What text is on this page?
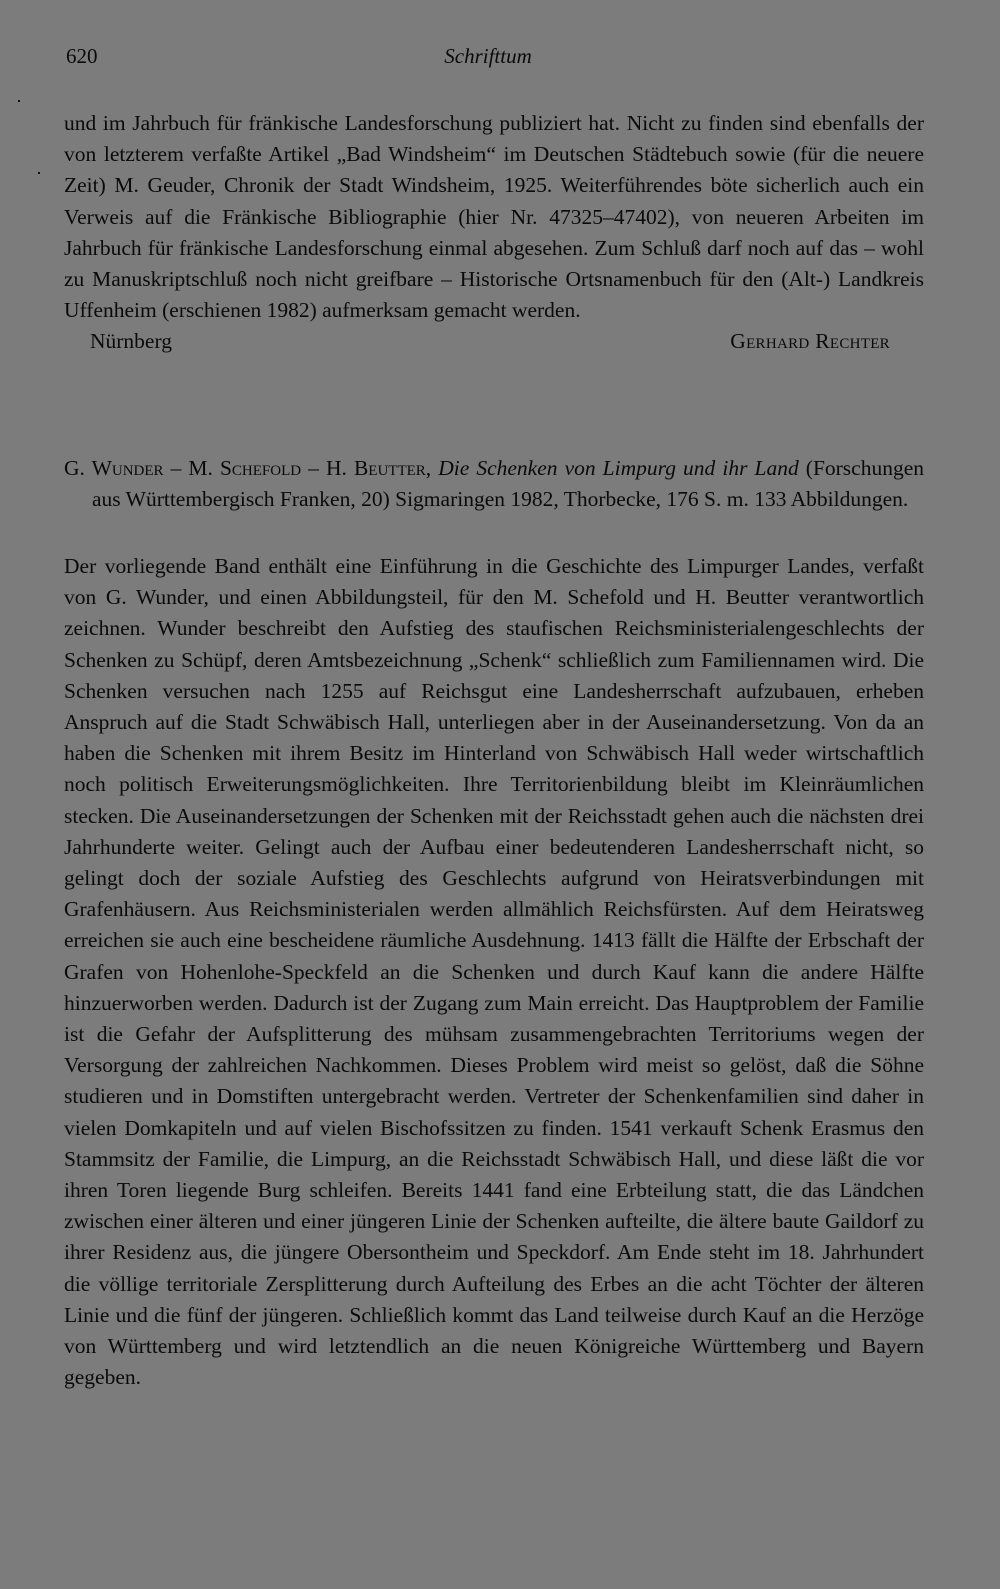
620	Schrifttum
und im Jahrbuch für fränkische Landesforschung publiziert hat. Nicht zu finden sind ebenfalls der von letzterem verfaßte Artikel „Bad Windsheim“ im Deutschen Städtebuch sowie (für die neuere Zeit) M. Geuder, Chronik der Stadt Windsheim, 1925. Weiterführendes böte sicherlich auch ein Verweis auf die Fränkische Bibliographie (hier Nr. 47325–47402), von neueren Arbeiten im Jahrbuch für fränkische Landesforschung einmal abgesehen. Zum Schluß darf noch auf das – wohl zu Manuskriptschluß noch nicht greifbare – Historische Ortsnamenbuch für den (Alt-) Landkreis Uffenheim (erschienen 1982) aufmerksam gemacht werden.
Nürnberg	Gerhard Rechter
G. Wunder – M. Schefold – H. Beutter, Die Schenken von Limpurg und ihr Land (Forschungen aus Württembergisch Franken, 20) Sigmaringen 1982, Thorbecke, 176 S. m. 133 Abbildungen.
Der vorliegende Band enthält eine Einführung in die Geschichte des Limpurger Landes, verfaßt von G. Wunder, und einen Abbildungsteil, für den M. Schefold und H. Beutter verantwortlich zeichnen. Wunder beschreibt den Aufstieg des staufischen Reichsministerialengeschlechts der Schenken zu Schüpf, deren Amtsbezeichnung „Schenk“ schließlich zum Familiennamen wird. Die Schenken versuchen nach 1255 auf Reichsgut eine Landesherrschaft aufzubauen, erheben Anspruch auf die Stadt Schwäbisch Hall, unterliegen aber in der Auseinandersetzung. Von da an haben die Schenken mit ihrem Besitz im Hinterland von Schwäbisch Hall weder wirtschaftlich noch politisch Erweiterungsmöglichkeiten. Ihre Territorienbildung bleibt im Kleinräumlichen stecken. Die Auseinandersetzungen der Schenken mit der Reichsstadt gehen auch die nächsten drei Jahrhunderte weiter. Gelingt auch der Aufbau einer bedeutenderen Landesherrschaft nicht, so gelingt doch der soziale Aufstieg des Geschlechts aufgrund von Heiratsverbindungen mit Grafenhäusern. Aus Reichsministerialen werden allmählich Reichsfürsten. Auf dem Heiratsweg erreichen sie auch eine bescheidene räumliche Ausdehnung. 1413 fällt die Hälfte der Erbschaft der Grafen von Hohenlohe-Speckfeld an die Schenken und durch Kauf kann die andere Hälfte hinzuerworben werden. Dadurch ist der Zugang zum Main erreicht. Das Hauptproblem der Familie ist die Gefahr der Aufsplitterung des mühsam zusammengebrachten Territoriums wegen der Versorgung der zahlreichen Nachkommen. Dieses Problem wird meist so gelöst, daß die Söhne studieren und in Domstiften untergebracht werden. Vertreter der Schenkenfamilien sind daher in vielen Domkapiteln und auf vielen Bischofssitzen zu finden. 1541 verkauft Schenk Erasmus den Stammsitz der Familie, die Limpurg, an die Reichsstadt Schwäbisch Hall, und diese läßt die vor ihren Toren liegende Burg schleifen. Bereits 1441 fand eine Erbteilung statt, die das Ländchen zwischen einer älteren und einer jüngeren Linie der Schenken aufteilte, die ältere baute Gaildorf zu ihrer Residenz aus, die jüngere Obersontheim und Speckdorf. Am Ende steht im 18. Jahrhundert die völlige territoriale Zersplitterung durch Aufteilung des Erbes an die acht Töchter der älteren Linie und die fünf der jüngeren. Schließlich kommt das Land teilweise durch Kauf an die Herzöge von Württemberg und wird letztendlich an die neuen Königreiche Württemberg und Bayern gegeben.
